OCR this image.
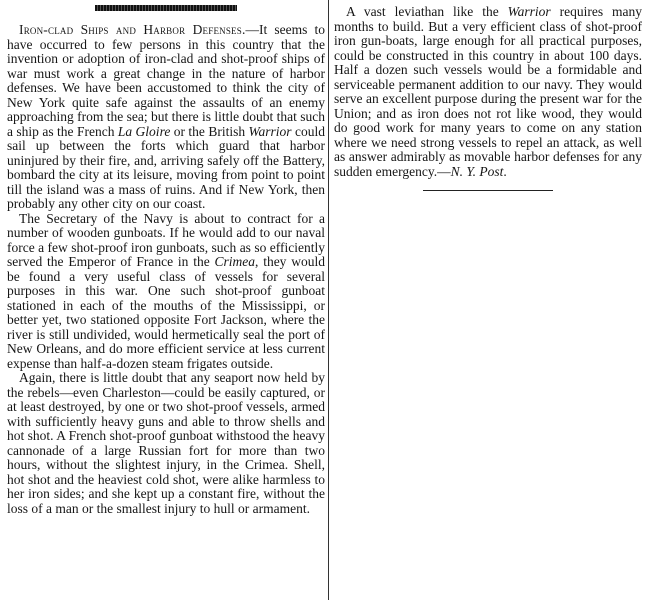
Iron-clad Ships and Harbor Defenses.—It seems to have occurred to few persons in this country that the invention or adoption of iron-clad and shot-proof ships of war must work a great change in the nature of harbor defenses. We have been accustomed to think the city of New York quite safe against the assaults of an enemy approaching from the sea; but there is little doubt that such a ship as the French La Gloire or the British Warrior could sail up between the forts which guard that harbor uninjured by their fire, and, arriving safely off the Battery, bombard the city at its leisure, moving from point to point till the island was a mass of ruins. And if New York, then probably any other city on our coast.

The Secretary of the Navy is about to contract for a number of wooden gunboats. If he would add to our naval force a few shot-proof iron gunboats, such as so efficiently served the Emperor of France in the Crimea, they would be found a very useful class of vessels for several purposes in this war. One such shot-proof gunboat stationed in each of the mouths of the Mississippi, or better yet, two stationed opposite Fort Jackson, where the river is still undivided, would hermetically seal the port of New Orleans, and do more efficient service at less current expense than half-a-dozen steam frigates outside.

Again, there is little doubt that any seaport now held by the rebels—even Charleston—could be easily captured, or at least destroyed, by one or two shot-proof vessels, armed with sufficiently heavy guns and able to throw shells and hot shot. A French shot-proof gunboat withstood the heavy cannonade of a large Russian fort for more than two hours, without the slightest injury, in the Crimea. Shell, hot shot and the heaviest cold shot, were alike harmless to her iron sides; and she kept up a constant fire, without the loss of a man or the smallest injury to hull or armament.

A vast leviathan like the Warrior requires many months to build. But a very efficient class of shot-proof iron gun-boats, large enough for all practical purposes, could be constructed in this country in about 100 days. Half a dozen such vessels would be a formidable and serviceable permanent addition to our navy. They would serve an excellent purpose during the present war for the Union; and as iron does not rot like wood, they would do good work for many years to come on any station where we need strong vessels to repel an attack, as well as answer admirably as movable harbor defenses for any sudden emergency.—N. Y. Post.
